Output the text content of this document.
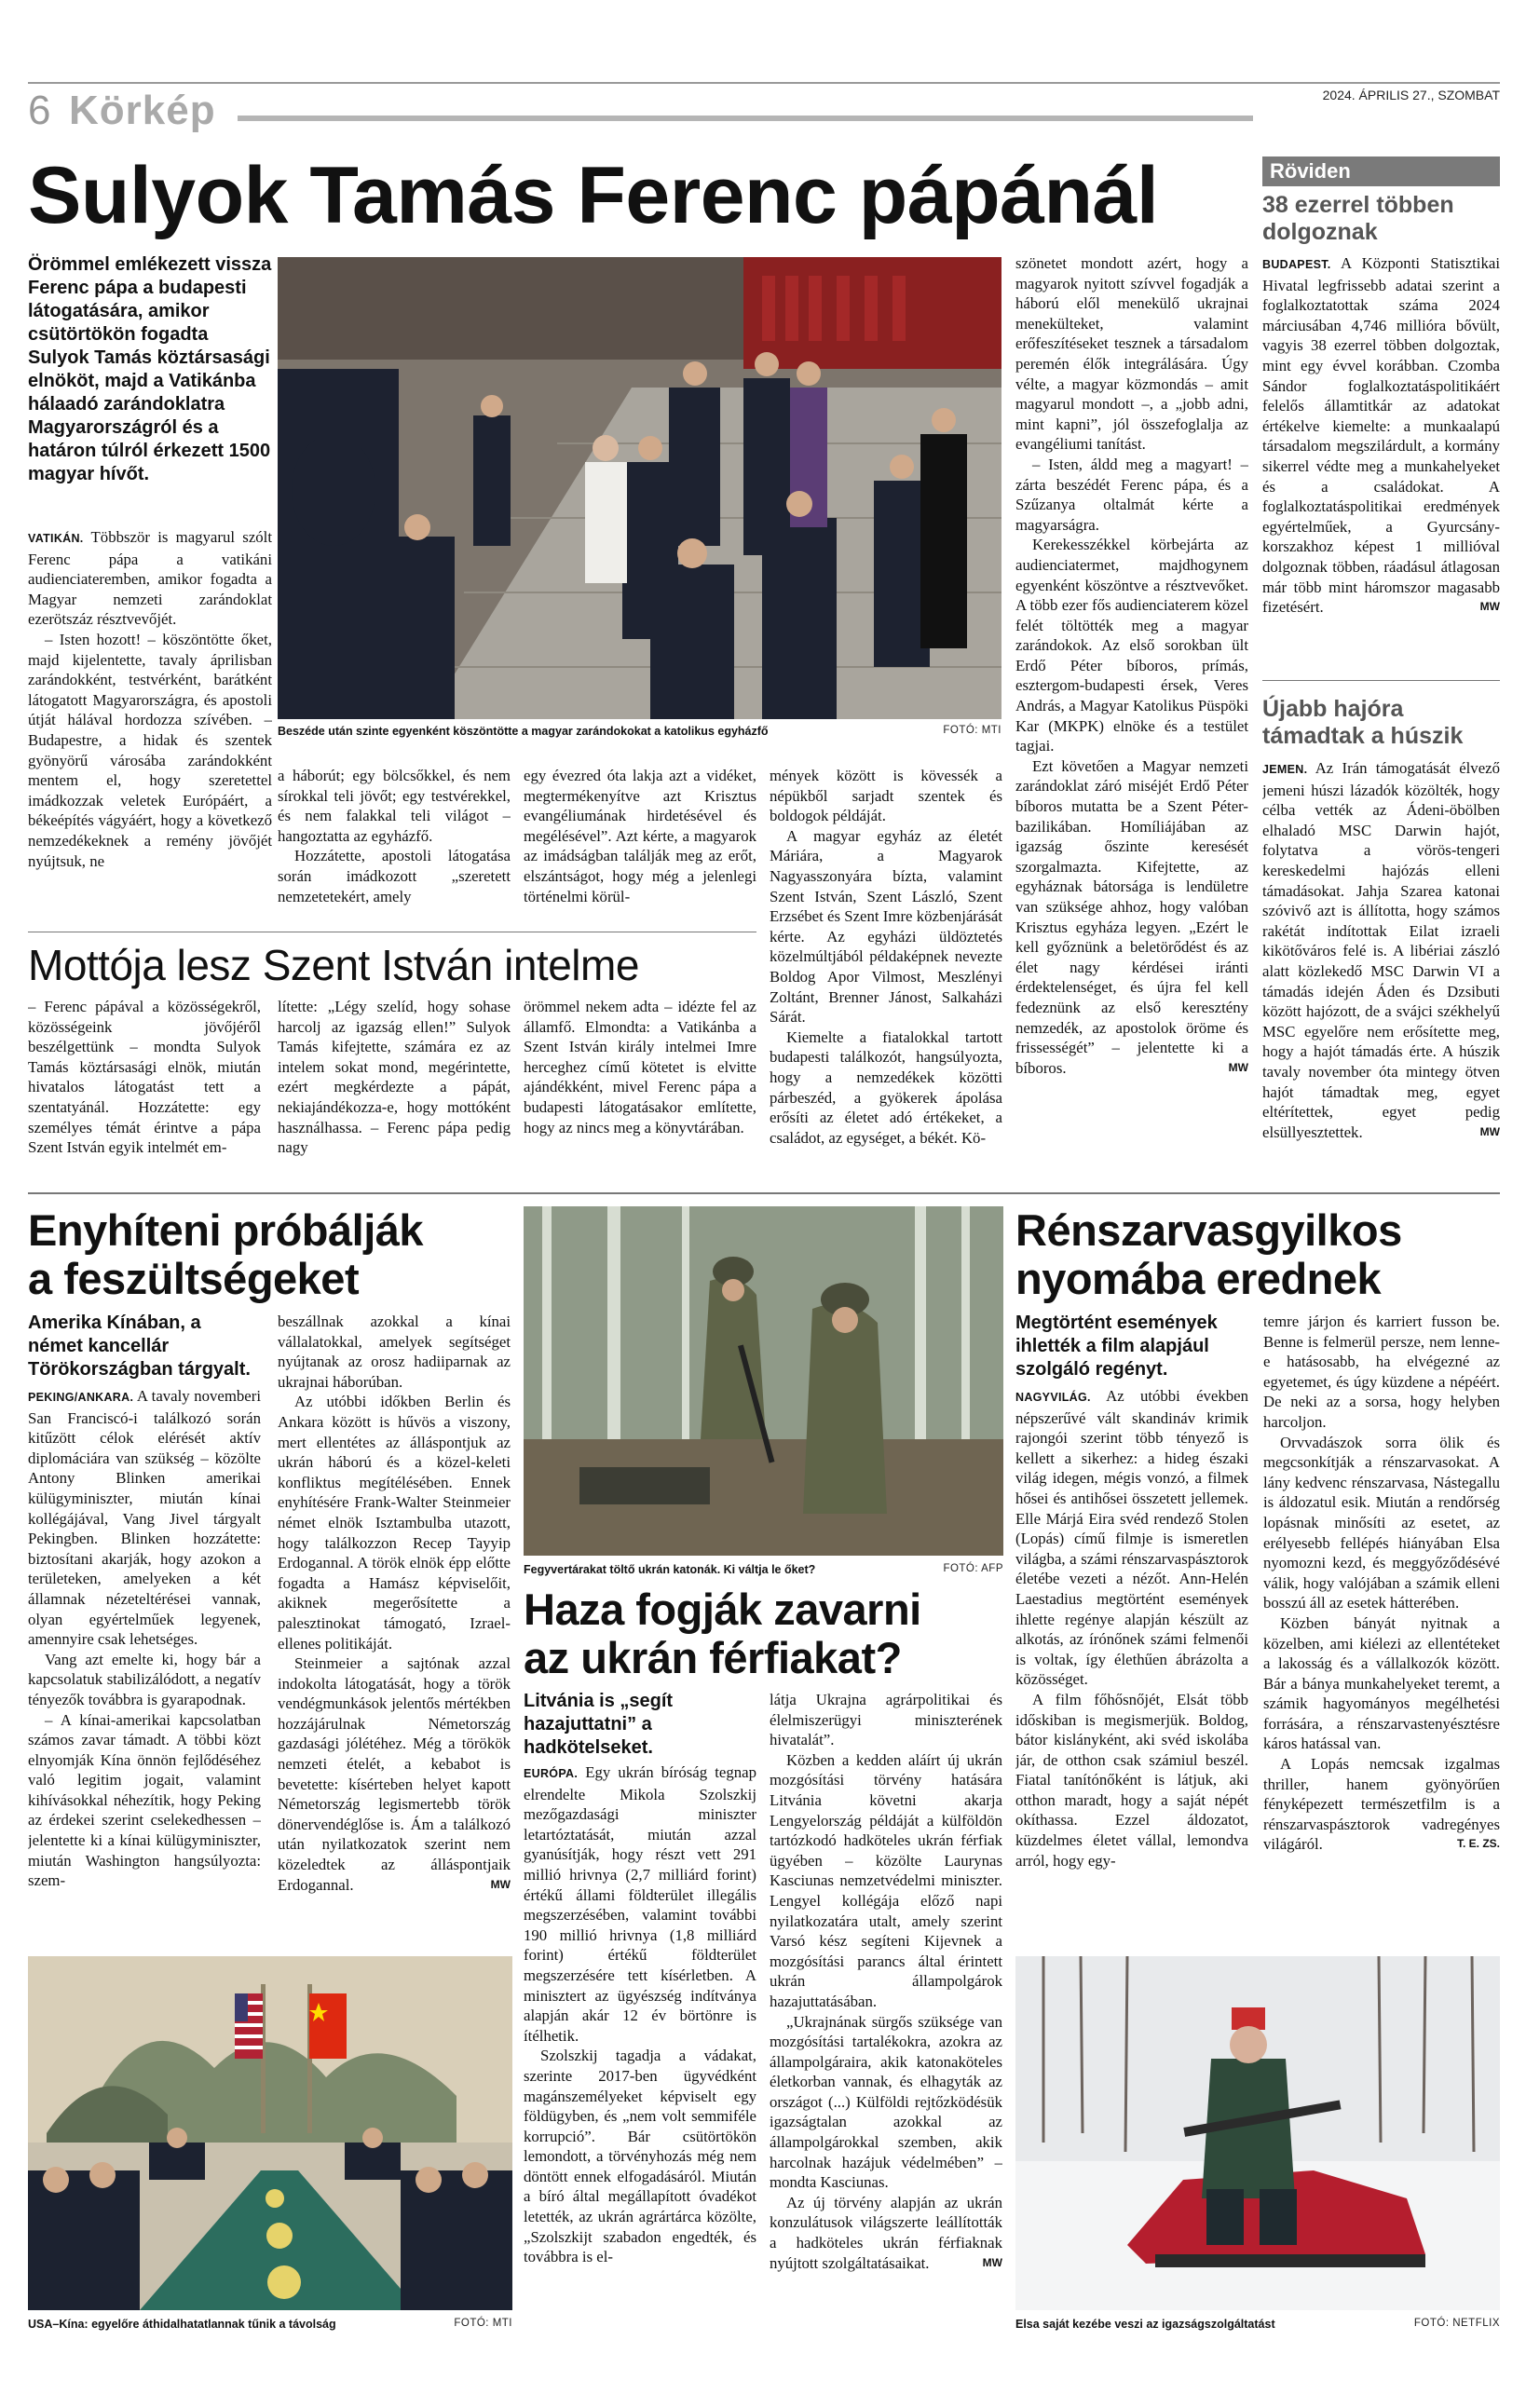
6 Körkép	2024. ÁPRILIS 27., SZOMBAT
Sulyok Tamás Ferenc pápánál
Örömmel emlékezett vissza Ferenc pápa a budapesti látogatására, amikor csütörtökön fogadta Sulyok Tamás köztársasági elnököt, majd a Vatikánba hálaadó zarándoklatra Magyarországról és a határon túlról érkezett 1500 magyar hívőt.

VATIKÁN. Többször is magyarul szólt Ferenc pápa a vatikáni audienciateremben, amikor fogadta a Magyar nemzeti zarándoklat ezerötszáz résztvevőjét.

– Isten hozott! – köszöntötte őket, majd kijelentette, tavaly áprilisban zarándokként, testvérként, barátként látogatott Magyarországra, és apostoli útját hálával hordozza szívében. – Budapestre, a hidak és szentek gyönyörű városába zarándokként mentem el, hogy szeretettel imádkozzak veletek Európáért, a békeépítés vágyáért, hogy a következő nemzedékeknek a remény jövőjét nyújtsuk, ne

FOTÓ: MTI
Beszéde után szinte egyenként köszöntötte a magyar zarándokokat a katolikus egyházfő

a háborút; egy bölcsőkkel, és nem sírokkal teli jövőt; egy testvérekkel, és nem falakkal teli világot – hangoztatta az egyházfő.

Hozzátette, apostoli látogatása során imádkozott „szeretett nemzetetekért, amely

egy évezred óta lakja azt a vidéket, megtermékenyítve azt Krisztus evangéliumának hirdetésével és megélésével”. Azt kérte, a magyarok az imádságban találják meg az erőt, elszántságot, hogy még a jelenlegi történelmi körül-

mények között is kövessék a népükből sarjadt szentek és boldogok példáját.

A magyar egyház az életét Máriára, a Magyarok Nagyasszonyára bízta, valamint Szent István, Szent László, Szent Erzsébet és Szent Imre közbenjárását kérte. Az egyházi üldöztetés közelmúltjából példaképnek nevezte Boldog Apor Vilmost, Meszlényi Zoltánt, Brenner Jánost, Salkaházi Sárát.

Kiemelte a fiatalokkal tartott budapesti találkozót, hangsúlyozta, hogy a nemzedékek közötti párbeszéd, a gyökerek ápolása erősíti az életet adó értékeket, a családot, az egységet, a békét. Kö-

szönetet mondott azért, hogy a magyarok nyitott szívvel fogadják a háború elől menekülő ukrajnai menekülteket, valamint erőfeszítéseket tesznek a társadalom peremén élők integrálására. Úgy vélte, a magyar közmondás – amit magyarul mondott –, a „jobb adni, mint kapni”, jól összefoglalja az evangéliumi tanítást.

– Isten, áldd meg a magyart! – zárta beszédét Ferenc pápa, és a Szűzanya oltalmát kérte a magyarságra.

Kerekesszékkel körbejárta az audienciatermet, majdhogynem egyenként köszöntve a résztvevőket. A több ezer fős audienciaterem közel felét töltötték meg a magyar zarándokok. Az első sorokban ült Erdő Péter bíboros, prímás, esztergom-budapesti érsek, Veres András, a Magyar Katolikus Püspöki Kar (MKPK) elnöke és a testület tagjai.

Ezt követően a Magyar nemzeti zarándoklat záró miséjét Erdő Péter bíboros mutatta be a Szent Péter-bazilikában. Homíliájában az igazság őszinte keresését szorgalmazta. Kifejtette, az egyháznak bátorsága is lendületre van szüksége ahhoz, hogy valóban Krisztus egyháza legyen. „Ezért le kell győznünk a beletörődést és az élet nagy kérdései iránti érdektelenséget, és újra fel kell fedeznünk az első keresztény nemzedék, az apostolok öröme és frissességét” – jelentette ki a bíboros.	MW

Mottója lesz Szent István intelme

– Ferenc pápával a közösségekről, közösségeink jövőjéről beszélgettünk – mondta Sulyok Tamás köztársasági elnök, miután hivatalos látogatást tett a szentatyánál. Hozzátette: egy személyes témát érintve a pápa Szent István egyik intelmét em-

lítette: „Légy szelíd, hogy sohase harcolj az igazság ellen!” Sulyok Tamás kifejtette, számára ez az intelem sokat mond, megérintette, ezért megkérdezte a pápát, nekiajándékozza-e, hogy mottóként használhassa. – Ferenc pápa pedig nagy

örömmel nekem adta – idézte fel az államfő. Elmondta: a Vatikánba a Szent István király intelmei Imre herceghez című kötetet is elvitte ajándékként, mivel Ferenc pápa a budapesti látogatásakor említette, hogy az nincs meg a könyvtárában.

Röviden
38 ezerrel többen dolgoznak

BUDAPEST. A Központi Statisztikai Hivatal legfrissebb adatai szerint a foglalkoztatottak száma 2024 márciusában 4,746 millióra bővült, vagyis 38 ezerrel többen dolgoztak, mint egy évvel korábban. Czomba Sándor foglalkoztatáspolitikáért felelős államtitkár az adatokat értékelve kiemelte: a munkaalapú társadalom megszilárdult, a kormány sikerrel védte meg a munkahelyeket és a családokat. A foglalkoztatáspolitikai eredmények egyértelműek, a Gyurcsány-korszakhoz képest 1 millióval dolgoznak többen, ráadásul átlagosan már több mint háromszor magasabb fizetésért.	MW

Újabb hajóra támadtak a húszik

JEMEN. Az Irán támogatását élvező jemeni húszi lázadók közölték, hogy célba vették az Ádeni-öbölben elhaladó MSC Darwin hajót, folytatva a vörös-tengeri kereskedelmi hajózás elleni támadásokat. Jahja Szarea katonai szóvivő azt is állította, hogy számos rakétát indítottak Eilat izraeli kikötőváros felé is. A libériai zászló alatt közlekedő MSC Darwin VI a támadás idején Áden és Dzsibuti között hajózott, de a svájci székhelyű MSC egyelőre nem erősítette meg, hogy a hajót támadás érte. A húszik tavaly november óta mintegy ötven hajót támadtak meg, egyet eltérítettek, egyet pedig elsüllyesztettek.	MW

Enyhíteni próbálják
a feszültségeket
Amerika Kínában, a német kancellár Törökországban tárgyalt.

PEKING/ANKARA. A tavaly novemberi San Franciscó-i találkozó során kitűzött célok elérését aktív diplomáciára van szükség – közölte Antony Blinken amerikai külügyminiszter, miután kínai kollégájával, Vang Jivel tárgyalt Pekingben. Blinken hozzátette: biztosítani akarják, hogy azokon a területeken, amelyeken a két államnak nézeteltérései vannak, olyan egyértelműek legyenek, amennyire csak lehetséges.

Vang azt emelte ki, hogy bár a kapcsolatuk stabilizálódott, a negatív tényezők továbbra is gyarapodnak.

– A kínai-amerikai kapcsolatban számos zavar támadt. A többi közt elnyomják Kína önnön fejlődéséhez való legitim jogait, valamint kihívásokkal néhezítik, hogy Peking az érdekei szerint cselekedhessen – jelentette ki a kínai külügyminiszter, miután Washington hangsúlyozta: szem-

beszállnak azokkal a kínai vállalatokkal, amelyek segítséget nyújtanak az orosz hadiiparnak az ukrajnai háborúban.

Az utóbbi időkben Berlin és Ankara között is hűvös a viszony, mert ellentétes az álláspontjuk az ukrán háború és a közel-keleti konfliktus megítélésében. Ennek enyhítésére Frank-Walter Steinmeier német elnök Isztambulba utazott, hogy találkozzon Recep Tayyip Erdogannal. A török elnök épp előtte fogadta a Hamász képviselőit, akiknek megerősítette a palesztinokat támogató, Izrael-ellenes politikáját.

Steinmeier a sajtónak azzal indokolta látogatását, hogy a török vendégmunkások jelentős mértékben hozzájárulnak Németország gazdasági jólétéhez. Még a törökök nemzeti ételét, a kebabot is bevetette: kísérteben helyet kapott Németország legismertebb török dönervendéglőse is. Ám a találkozó után nyilatkozatok szerint nem közeledtek az álláspontjaik Erdogannal.	MW

FOTÓ: MTI
USA–Kína: egyelőre áthidalhatatlannak tűnik a távolság
FOTÓ: AFP
Fegyvertárakat töltő ukrán katonák. Ki váltja le őket?
Haza fogják zavarni
az ukrán férfiakat?
Litvánia is „segít hazajuttatni” a hadkötelseket.

EURÓPA. Egy ukrán bíróság tegnap elrendelte Mikola Szolszkij mezőgazdasági miniszter letartóztatását, miután azzal gyanúsítják, hogy részt vett 291 millió hrivnya (2,7 milliárd forint) értékű állami földterület illegális megszerzésében, valamint további 190 millió hrivnya (1,8 milliárd forint) értékű földterület megszerzésére tett kísérletben. A minisztert az ügyészség indítványa alapján akár 12 év börtönre is ítélhetik.

Szolszkij tagadja a vádakat, szerinte 2017-ben ügyvédként magánszemélyeket képviselt egy földügyben, és „nem volt semmiféle korrupció”. Bár csütörtökön lemondott, a törvényhozás még nem döntött ennek elfogadásáról. Miután a bíró által megállapított óvadékot letették, az ukrán agrártárca közölte, „Szolszkijt szabadon engedték, és továbbra is el-

látja Ukrajna agrárpolitikai és élelmiszerügyi miniszterének hivatalát”.

Közben a kedden aláírt új ukrán mozgósítási törvény hatására Litvánia követni akarja Lengyelország példáját a külföldön tartózkodó hadköteles ukrán férfiak ügyében – közölte Laurynas Kasciunas nemzetvédelmi miniszter. Lengyel kollégája előző napi nyilatkozatára utalt, amely szerint Varsó kész segíteni Kijevnek a mozgósítási parancs által érintett ukrán állampolgárok hazajuttatásában.

„Ukrajnának sürgős szüksége van mozgósítási tartalékokra, azokra az állampolgáraira, akik katonaköteles életkorban vannak, és elhagyták az országot (...) Külföldi rejtőzködésük igazságtalan azokkal az állampolgárokkal szemben, akik harcolnak hazájuk védelmében” – mondta Kasciunas.

Az új törvény alapján az ukrán konzulátusok világszerte leállították a hadköteles ukrán férfiaknak nyújtott szolgáltatásaikat.	MW

Rénszarvasgyilkos
nyomába erednek
Megtörtént események ihlették a film alapjául szolgáló regényt.

NAGYVILÁG. Az utóbbi években népszerűvé vált skandináv krimik rajongói szerint több tényező is kellett a sikerhez: a hideg északi világ idegen, mégis vonzó, a filmek hősei és antihősei összetett jellemek. Elle Márjá Eira svéd rendező Stolen (Lopás) című filmje is ismeretlen világba, a számi rénszarvaspásztorok életébe vezeti a nézőt. Ann-Helén Laestadius megtörtént események ihlette regénye alapján készült az alkotás, az írónőnek számi felmenői is voltak, így élethűen ábrázolta a közösséget.

A film főhősnőjét, Elsát több időskiban is megismerjük. Boldog, bátor kislányként, aki svéd iskolába jár, de otthon csak számiul beszél. Fiatal tanítónőként is látjuk, aki otthon maradt, hogy a saját népét okíthassa. Ezzel áldozatot, küzdelmes életet vállal, lemondva arról, hogy egy-

temre járjon és karriert fusson be. Benne is felmerül persze, nem lenne-e hatásosabb, ha elvégezné az egyetemet, és úgy küzdene a népéért. De neki az a sorsa, hogy helyben harcoljon.

Orvvadászok sorra ölik és megcsonkítják a rénszarvasokat. A lány kedvenc rénszarvasa, Nástegallu is áldozatul esik. Miután a rendőrség lopásnak minősíti az esetet, az erélyesebb fellépés hiányában Elsa nyomozni kezd, és meggyőződésévé válik, hogy valójában a számik elleni bosszú áll az esetek hátterében.

Közben bányát nyitnak a közelben, ami kiélezi az ellentéteket a lakosság és a vállalkozók között. Bár a bánya munkahelyeket teremt, a számik hagyományos megélhetési forrására, a rénszarvastenyésztésre káros hatással van.

A Lopás nemcsak izgalmas thriller, hanem gyönyörűen fényképezett természetfilm is a rénszarvaspásztorok vadregényes világáról.	T. E. ZS.

FOTÓ: NETFLIX
Elsa saját kezébe veszi az igazságszolgáltatást
